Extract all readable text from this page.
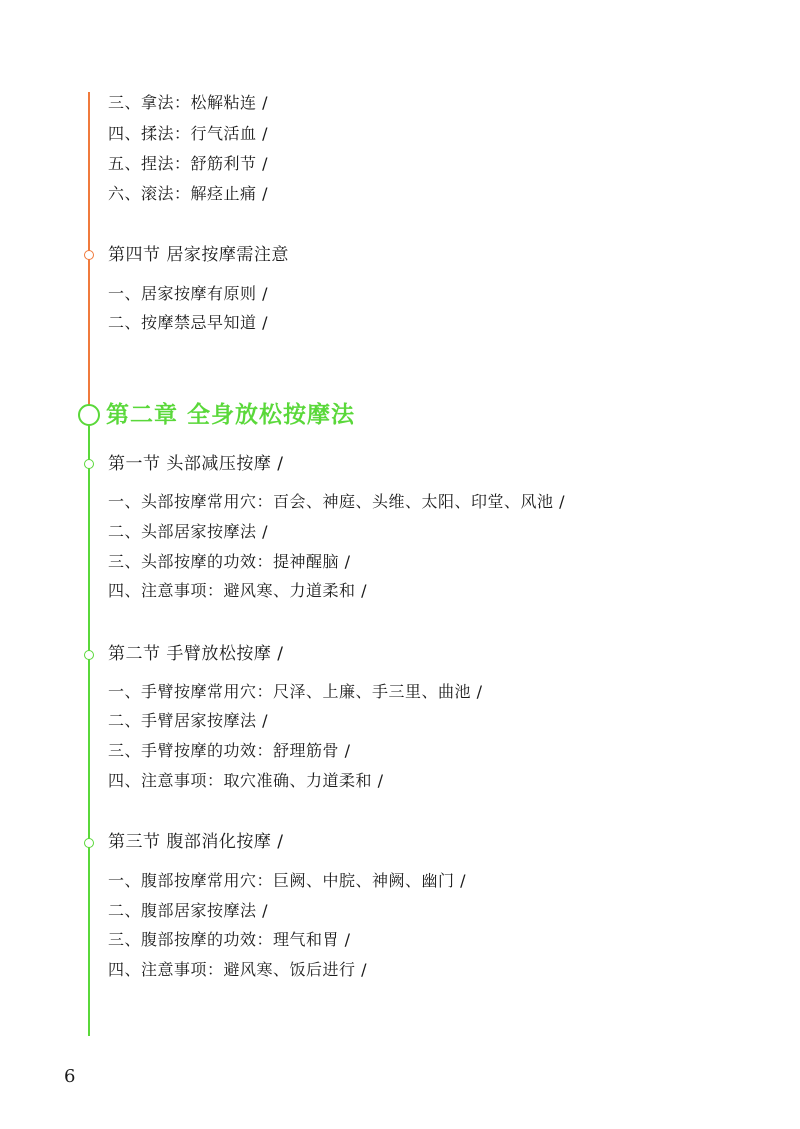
三、拿法：松解粘连 /
四、揉法：行气活血 /
五、捏法：舒筋利节 /
六、滚法：解痉止痛 /
第四节 居家按摩需注意
一、居家按摩有原则 /
二、按摩禁忌早知道 /
第二章 全身放松按摩法
第一节 头部减压按摩 /
一、头部按摩常用穴：百会、神庭、头维、太阳、印堂、风池 /
二、头部居家按摩法 /
三、头部按摩的功效：提神醒脑 /
四、注意事项：避风寒、力道柔和 /
第二节 手臂放松按摩 /
一、手臂按摩常用穴：尺泽、上廉、手三里、曲池 /
二、手臂居家按摩法 /
三、手臂按摩的功效：舒理筋骨 /
四、注意事项：取穴准确、力道柔和 /
第三节 腹部消化按摩 /
一、腹部按摩常用穴：巨阙、中脘、神阙、幽门 /
二、腹部居家按摩法 /
三、腹部按摩的功效：理气和胃 /
四、注意事项：避风寒、饭后进行 /
6
